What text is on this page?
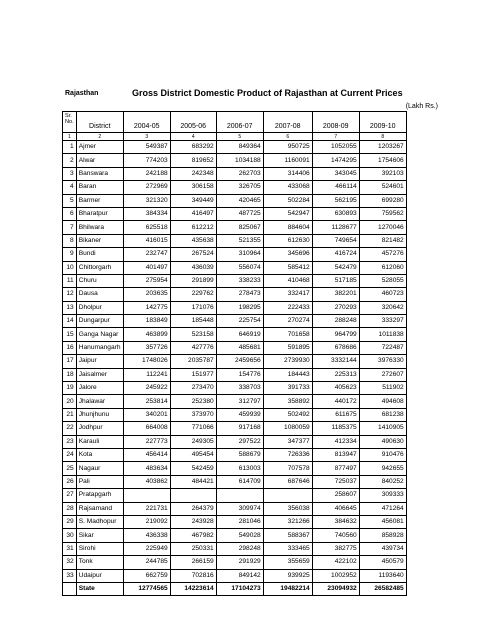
Rajasthan	Gross District Domestic Product of Rajasthan at Current Prices
(Lakh Rs.)
Sr.
No.	District	2004-05	2005-06	2006-07	2007-08	2008-09	2009-10
1	2	3	4	5	6	7	8
1	Ajmer	549387	683292	849364	950725	1052055	1203267
2	Alwar	774203	819652	1034188	1160091	1474295	1754606
3	Banswara	242188	242348	262703	314406	343045	392103
4	Baran	272969	306158	326705	433068	466114	524601
5	Barmer	321320	349449	420465	502284	562195	699280
6	Bharatpur	384334	416497	487725	542947	630893	759562
7	Bhilwara	625518	612212	825067	884604	1128677	1270046
8	Bikaner	416015	435638	521355	612630	749654	821482
9	Bundi	232747	267524	310964	345696	416724	457276
10	Chittorgarh	401497	436039	556074	585412	542479	612060
11	Churu	275954	291899	338233	410468	517185	528055
12	Dausa	203635	229762	278473	332417	382201	460723
13	Dholpur	142775	171076	198295	222433	270293	320642
14	Dungarpur	183849	185448	225754	270274	288248	333297
15	Ganga Nagar	463899	523158	646919	701658	964799	1011838
16	Hanumangarh	357726	427776	485681	591895	678686	722487
17	Jaipur	1748026	2035787	2459656	2739930	3332144	3976330
18	Jaisalmer	112241	151977	154776	184443	225313	272607
19	Jalore	245922	273470	338703	391733	405623	511902
20	Jhalawar	253814	252380	312797	358892	440172	494608
21	Jhunjhunu	340201	373970	459939	502492	611675	681238
22	Jodhpur	664008	771066	917168	1080059	1185375	1410905
23	Karauli	227773	249305	297522	347377	412334	490630
24	Kota	456414	495454	588679	726336	813947	910476
25	Nagaur	483634	542459	613003	707578	877497	942655
26	Pali	403862	484421	614709	687646	725037	840252
27	Pratapgarh					258607	309333
28	Rajsamand	221731	264379	309974	356038	406645	471264
29	S. Madhopur	219092	243928	281046	321266	384632	456081
30	Sikar	436338	467982	549028	588367	740560	858928
31	Sirohi	225949	250331	298248	333465	382775	439734
32	Tonk	244785	266159	291929	355659	422102	450579
33	Udaipur	662759	702816	849142	939925	1002952	1193640
	State	12774565	14223614	17104273	19482214	23094932	26582485
